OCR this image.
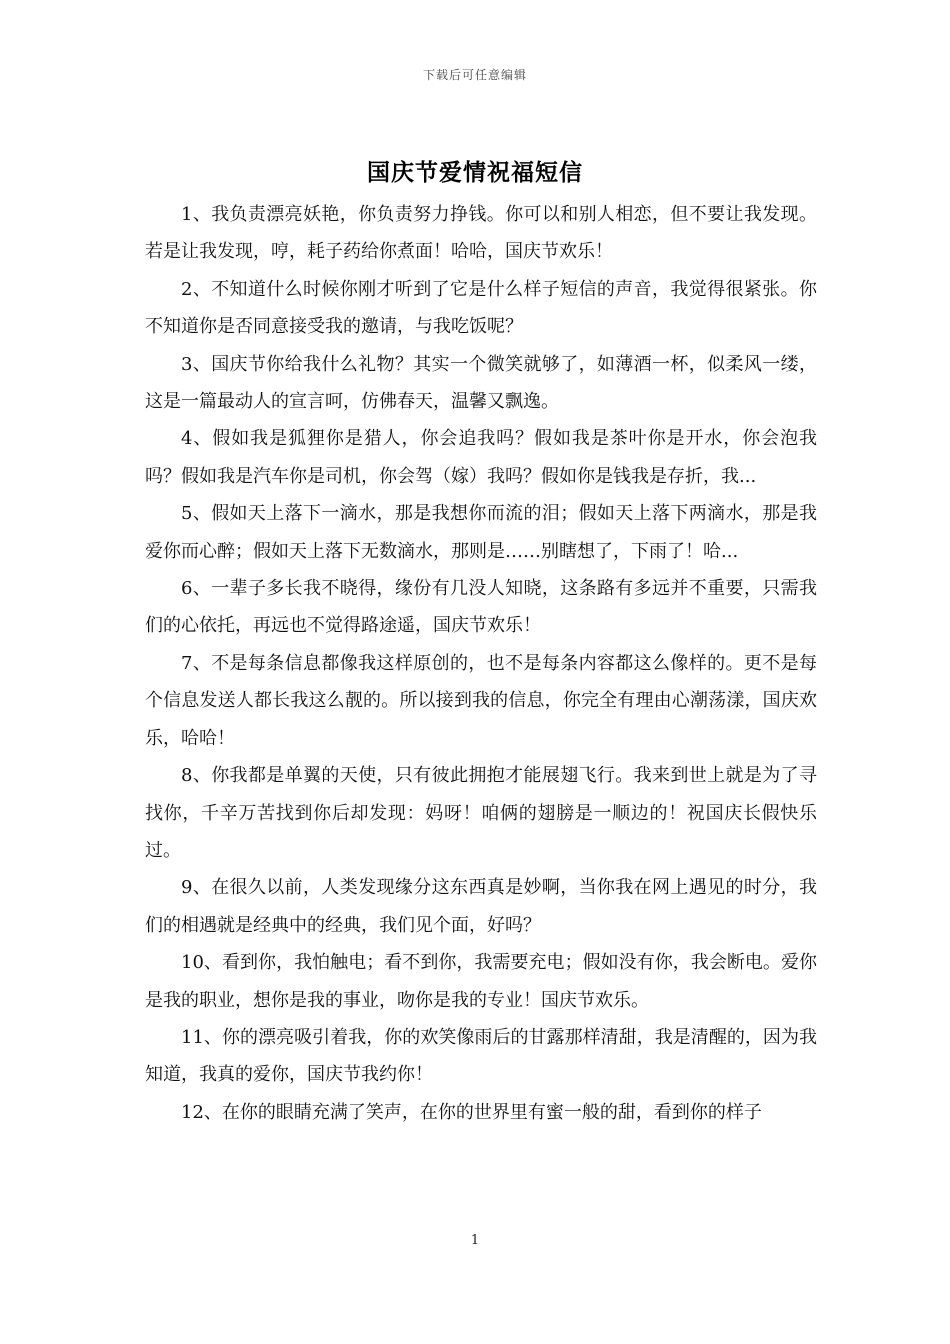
下载后可任意编辑
国庆节爱情祝福短信

1、我负责漂亮妖艳，你负责努力挣钱。你可以和别人相恋，但不要让我发现。若是让我发现，哼，耗子药给你煮面！哈哈，国庆节欢乐！

2、不知道什么时候你刚才听到了它是什么样子短信的声音，我觉得很紧张。你不知道你是否同意接受我的邀请，与我吃饭呢？

3、国庆节你给我什么礼物？其实一个微笑就够了，如薄酒一杯，似柔风一缕，这是一篇最动人的宣言呵，仿佛春天，温馨又飘逸。

4、假如我是狐狸你是猎人，你会追我吗？假如我是茶叶你是开水，你会泡我吗？假如我是汽车你是司机，你会驾（嫁）我吗？假如你是钱我是存折，我...

5、假如天上落下一滴水，那是我想你而流的泪；假如天上落下两滴水，那是我爱你而心醉；假如天上落下无数滴水，那则是……别瞎想了，下雨了！哈...

6、一辈子多长我不晓得，缘份有几没人知晓，这条路有多远并不重要，只需我们的心依托，再远也不觉得路途遥，国庆节欢乐！

7、不是每条信息都像我这样原创的，也不是每条内容都这么像样的。更不是每个信息发送人都长我这么靓的。所以接到我的信息，你完全有理由心潮荡漾，国庆欢乐，哈哈！

8、你我都是单翼的天使，只有彼此拥抱才能展翅飞行。我来到世上就是为了寻找你，千辛万苦找到你后却发现：妈呀！咱俩的翅膀是一顺边的！祝国庆长假快乐过。

9、在很久以前，人类发现缘分这东西真是妙啊，当你我在网上遇见的时分，我们的相遇就是经典中的经典，我们见个面，好吗？

10、看到你，我怕触电；看不到你，我需要充电；假如没有你，我会断电。爱你是我的职业，想你是我的事业，吻你是我的专业！国庆节欢乐。

11、你的漂亮吸引着我，你的欢笑像雨后的甘露那样清甜，我是清醒的，因为我知道，我真的爱你，国庆节我约你！

12、在你的眼睛充满了笑声，在你的世界里有蜜一般的甜，看到你的样子

1
